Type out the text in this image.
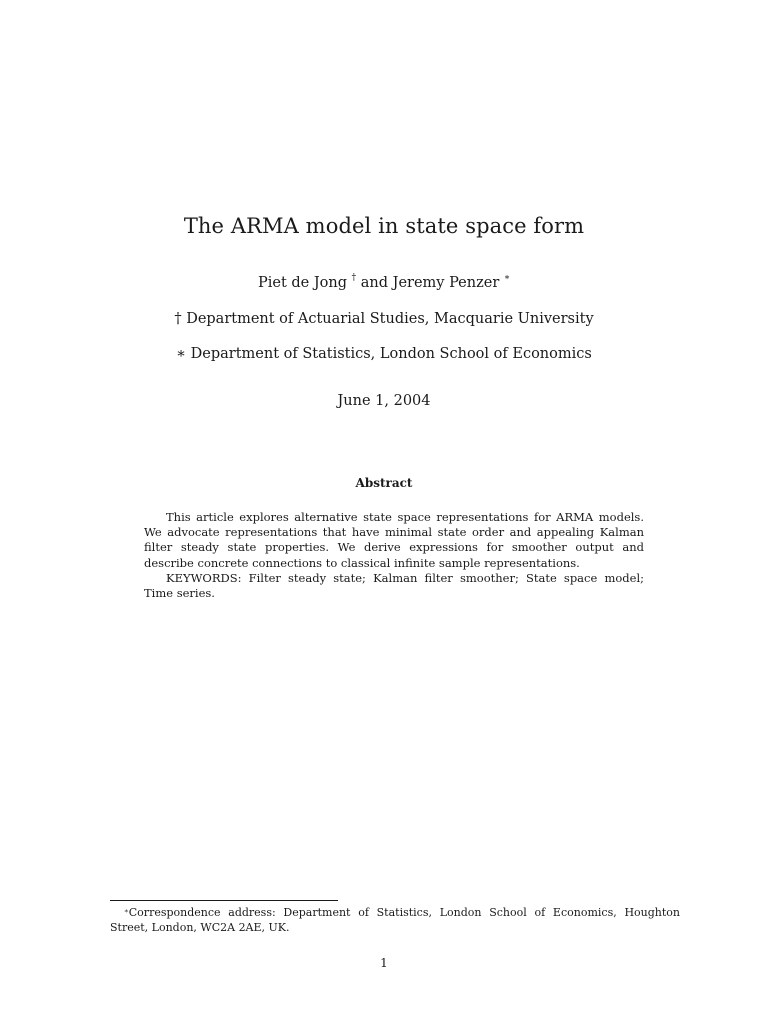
The ARMA model in state space form
Piet de Jong † and Jeremy Penzer ∗
† Department of Actuarial Studies, Macquarie University
∗ Department of Statistics, London School of Economics
June 1, 2004
Abstract

This article explores alternative state space representations for ARMA models. We advocate representations that have minimal state order and appealing Kalman filter steady state properties. We derive expressions for smoother output and describe concrete connections to classical infinite sample representations.

KEYWORDS: Filter steady state; Kalman filter smoother; State space model; Time series.

∗Correspondence address: Department of Statistics, London School of Economics, Houghton Street, London, WC2A 2AE, UK.

1
